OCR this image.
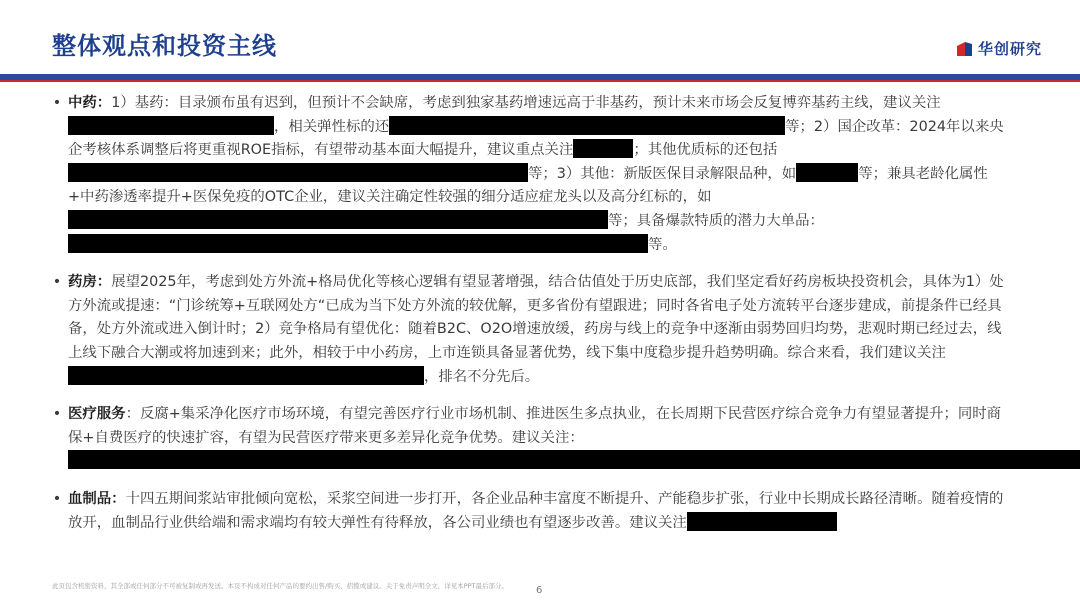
整体观点和投资主线	华创研究
• 中药：1）基药：目录颁布虽有迟到，但预计不会缺席，考虑到独家基药增速远高于非基药，预计未来市场会反复博弈基药主线，建议关注，相关弹性标的还	等；2）国企改革：2024年以来央企考核体系调整后将更重视ROE指标，有望带动基本面大幅提升，建议重点关注	；其他优质标的还包括等；3）其他：新版医保目录解限品种，如	等；兼具老龄化属性+中药渗透率提升+医保免疫的OTC企业，建议关注确定性较强的细分适应症龙头以及高分红标的，如等；具备爆款特质的潜力大单品：等。
• 药房：展望2025年，考虑到处方外流+格局优化等核心逻辑有望显著增强，结合估值处于历史底部，我们坚定看好药房板块投资机会，具体为1）处方外流或提速：“门诊统筹+互联网处方“已成为当下处方外流的较优解，更多省份有望跟进；同时各省电子处方流转平台逐步建成，前提条件已经具备，处方外流或进入倒计时；2）竞争格局有望优化：随着B2C、O2O增速放缓，药房与线上的竞争中逐渐由弱势回归均势，悲观时期已经过去，线上线下融合大潮或将加速到来；此外，相较于中小药房，上市连锁具备显著优势，线下集中度稳步提升趋势明确。综合来看，我们建议关注，排名不分先后。
• 医疗服务：反腐+集采净化医疗市场环境，有望完善医疗行业市场机制、推进医生多点执业，在长周期下民营医疗综合竞争力有望显著提升；同时商保+自费医疗的快速扩容，有望为民营医疗带来更多差异化竞争优势。建议关注：
• 血制品：十四五期间浆站审批倾向宽松，采浆空间进一步打开，各企业品种丰富度不断提升、产能稳步扩张，行业中长期成长路径清晰。随着疫情的放开，血制品行业供给端和需求端均有较大弹性有待释放，各公司业绩也有望逐步改善。建议关注
此页包含机密资料，其全部或任何部分不可被复制或再发送。本页不构成对任何产品的要约出售/购买、招揽或建议。关于免责声明全文，详见本PPT最后部分。	6
